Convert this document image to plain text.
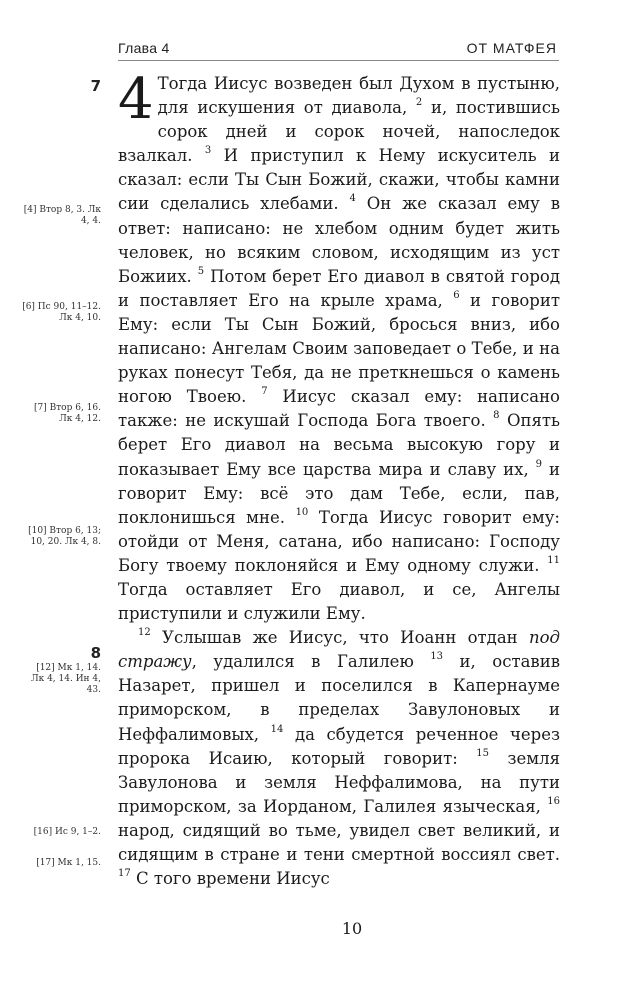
Глава 4	ОТ МАТФЕЯ
7
8
[4] Втор 8, 3. Лк 4, 4.
[6] Пс 90, 11–12. Лк 4, 10.
[7] Втор 6, 16. Лк 4, 12.
[10] Втор 6, 13; 10, 20. Лк 4, 8.
[12] Мк 1, 14. Лк 4, 14. Ин 4, 43.
[16] Ис 9, 1–2.
[17] Мк 1, 15.

4 Тогда Иисус возведен был Духом в пустыню, для искушения от диавола, $^2$ и, постившись сорок дней и сорок ночей, напоследок взалкал. $^3$ И приступил к Нему искуситель и сказал: если Ты Сын Божий, скажи, чтобы камни сии сделались хлебами. $^4$ Он же сказал ему в ответ: написано: не хлебом одним будет жить человек, но всяким словом, исходящим из уст Божиих. $^5$ Потом берет Его диавол в святой город и поставляет Его на крыле храма, $^6$ и говорит Ему: если Ты Сын Божий, бросься вниз, ибо написано: Ангелам Своим заповедает о Тебе, и на руках понесут Тебя, да не преткнешься о камень ногою Твоею. $^7$ Иисус сказал ему: написано также: не искушай Господа Бога твоего. $^8$ Опять берет Его диавол на весьма высокую гору и показывает Ему все царства мира и славу их, $^9$ и говорит Ему: всё это дам Тебе, если, пав, поклонишься мне. $^{10}$ Тогда Иисус говорит ему: отойди от Меня, сатана, ибо написано: Господу Богу твоему поклоняйся и Ему одному служи. $^{11}$ Тогда оставляет Его диавол, и се, Ангелы приступили и служили Ему.

$^{12}$ Услышав же Иисус, что Иоанн отдан под стражу, удалился в Галилею $^{13}$ и, оставив Назарет, пришел и поселился в Капернауме приморском, в пределах Завулоновых и Неффалимовых, $^{14}$ да сбудется реченное через пророка Исаию, который говорит: $^{15}$ земля Завулонова и земля Неффалимова, на пути приморском, за Иорданом, Галилея языческая, $^{16}$ народ, сидящий во тьме, увидел свет великий, и сидящим в стране и тени смертной воссиял свет. $^{17}$ С того времени Иисус

10
